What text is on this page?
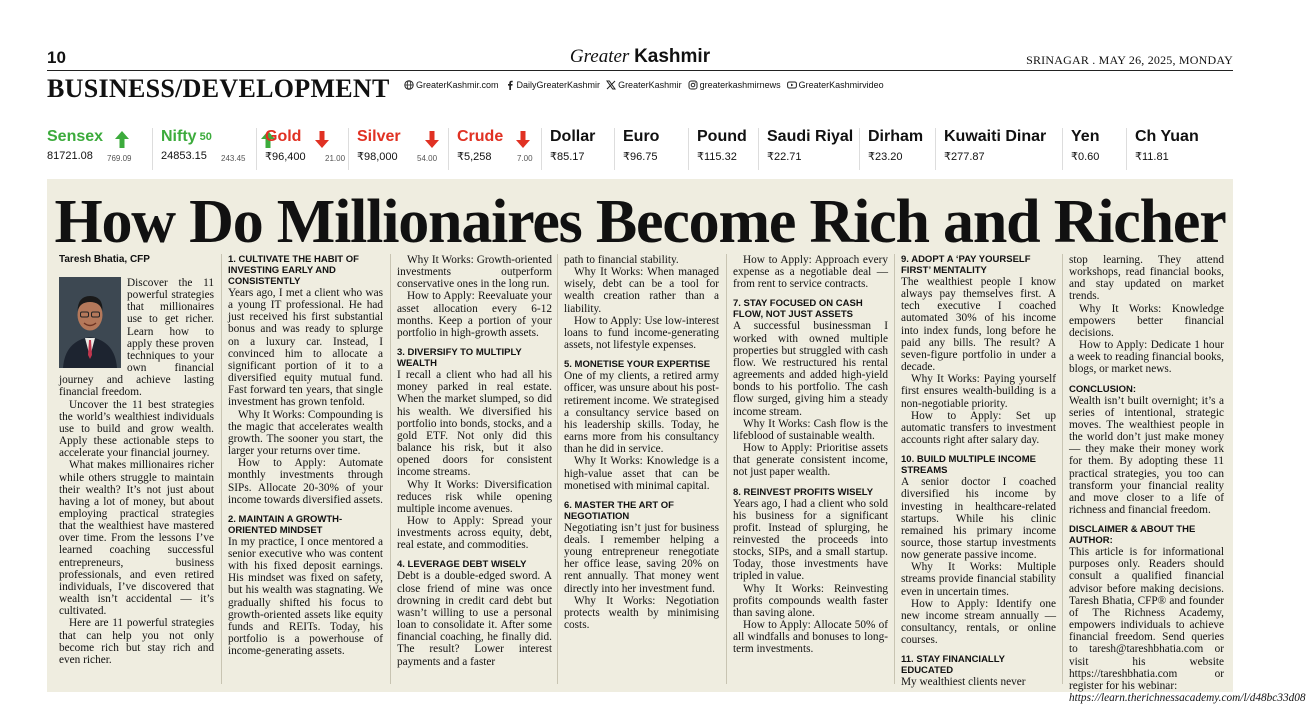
10	Greater Kashmir	SRINAGAR . MAY 26, 2025, MONDAY
BUSINESS/DEVELOPMENT	GreaterKashmir.com DailyGreaterKashmir GreaterKashmir greaterkashmirnews GreaterKashmirvideo
Sensex
81721.08 769.09
Nifty $^{50}$
24853.15 243.45
Gold
₹96,400 21.00
Silver
₹98,000 54.00
Crude
₹5,258	7.00
Dollar
₹85.17
Euro
₹96.75
Pound
₹115.32
Saudi Riyal
₹22.71
Dirham
₹23.20
Kuwaiti Dinar
₹277.87
Yen
₹0.60
Ch Yuan
₹11.81
How Do Millionaires Become Rich and Richer
Taresh Bhatia, CFP

Discover the 11 powerful strategies that millionaires use to get richer. Learn how to apply these proven techniques to your own financial journey and achieve lasting financial freedom.

Uncover the 11 best strategies the world’s wealthiest individuals use to build and grow wealth. Apply these actionable steps to accelerate your financial journey.

What makes millionaires richer while others struggle to maintain their wealth? It’s not just about having a lot of money, but about employing practical strategies that the wealthiest have mastered over time. From the lessons I’ve learned coaching successful entrepreneurs, business professionals, and even retired individuals, I’ve discovered that wealth isn’t accidental — it’s cultivated.

Here are 11 powerful strategies that can help you not only become rich but stay rich and even richer.

1. CULTIVATE THE HABIT OF INVESTING EARLY AND CONSISTENTLY

Years ago, I met a client who was a young IT professional. He had just received his first substantial bonus and was ready to splurge on a luxury car. Instead, I convinced him to allocate a significant portion of it to a diversified equity mutual fund. Fast forward ten years, that single investment has grown tenfold.

Why It Works: Compounding is the magic that accelerates wealth growth. The sooner you start, the larger your returns over time.

How to Apply: Automate monthly investments through SIPs. Allocate 20-30% of your income towards diversified assets.

2. MAINTAIN A GROWTH-ORIENTED MINDSET

In my practice, I once mentored a senior executive who was content with his fixed deposit earnings. His mindset was fixed on safety, but his wealth was stagnating. We gradually shifted his focus to growth-oriented assets like equity funds and REITs. Today, his portfolio is a powerhouse of income-generating assets.

Why It Works: Growth-oriented investments outperform conservative ones in the long run.

How to Apply: Reevaluate your asset allocation every 6-12 months. Keep a portion of your portfolio in high-growth assets.

3. DIVERSIFY TO MULTIPLY WEALTH

I recall a client who had all his money parked in real estate. When the market slumped, so did his wealth. We diversified his portfolio into bonds, stocks, and a gold ETF. Not only did this balance his risk, but it also opened doors for consistent income streams.

Why It Works: Diversification reduces risk while opening multiple income avenues.

How to Apply: Spread your investments across equity, debt, real estate, and commodities.

4. LEVERAGE DEBT WISELY

Debt is a double-edged sword. A close friend of mine was once drowning in credit card debt but wasn’t willing to use a personal loan to consolidate it. After some financial coaching, he finally did. The result? Lower interest payments and a faster

path to financial stability.

Why It Works: When managed wisely, debt can be a tool for wealth creation rather than a liability.

How to Apply: Use low-interest loans to fund income-generating assets, not lifestyle expenses.

5. MONETISE YOUR EXPERTISE

One of my clients, a retired army officer, was unsure about his post-retirement income. We strategised a consultancy service based on his leadership skills. Today, he earns more from his consultancy than he did in service.

Why It Works: Knowledge is a high-value asset that can be monetised with minimal capital.

6. MASTER THE ART OF NEGOTIATION

Negotiating isn’t just for business deals. I remember helping a young entrepreneur renegotiate her office lease, saving 20% on rent annually. That money went directly into her investment fund.

Why It Works: Negotiation protects wealth by minimising costs.

How to Apply: Approach every expense as a negotiable deal — from rent to service contracts.

7. STAY FOCUSED ON CASH FLOW, NOT JUST ASSETS

A successful businessman I worked with owned multiple properties but struggled with cash flow. We restructured his rental agreements and added high-yield bonds to his portfolio. The cash flow surged, giving him a steady income stream.

Why It Works: Cash flow is the lifeblood of sustainable wealth.

How to Apply: Prioritise assets that generate consistent income, not just paper wealth.

8. REINVEST PROFITS WISELY

Years ago, I had a client who sold his business for a significant profit. Instead of splurging, he reinvested the proceeds into stocks, SIPs, and a small startup. Today, those investments have tripled in value.

Why It Works: Reinvesting profits compounds wealth faster than saving alone.

How to Apply: Allocate 50% of all windfalls and bonuses to long-term investments.

9. ADOPT A ‘PAY YOURSELF FIRST’ MENTALITY

The wealthiest people I know always pay themselves first. A tech executive I coached automated 30% of his income into index funds, long before he paid any bills. The result? A seven-figure portfolio in under a decade.

Why It Works: Paying yourself first ensures wealth-building is a non-negotiable priority.

How to Apply: Set up automatic transfers to investment accounts right after salary day.

10. BUILD MULTIPLE INCOME STREAMS

A senior doctor I coached diversified his income by investing in healthcare-related startups. While his clinic remained his primary income source, those startup investments now generate passive income.

Why It Works: Multiple streams provide financial stability even in uncertain times.

How to Apply: Identify one new income stream annually — consultancy, rentals, or online courses.

11. STAY FINANCIALLY EDUCATED

My wealthiest clients never

stop learning. They attend workshops, read financial books, and stay updated on market trends.

Why It Works: Knowledge empowers better financial decisions.

How to Apply: Dedicate 1 hour a week to reading financial books, blogs, or market news.

CONCLUSION:

Wealth isn’t built overnight; it’s a series of intentional, strategic moves. The wealthiest people in the world don’t just make money — they make their money work for them. By adopting these 11 practical strategies, you too can transform your financial reality and move closer to a life of richness and financial freedom.

DISCLAIMER & ABOUT THE AUTHOR:

This article is for informational purposes only. Readers should consult a qualified financial advisor before making decisions. Taresh Bhatia, CFP® and founder of The Richness Academy, empowers individuals to achieve financial freedom. Send queries to taresh@tareshbhatia.com or visit his website https://tareshbhatia.com or register for his webinar:

https://learn.therichnessacademy.com/l/d48bc33d08
